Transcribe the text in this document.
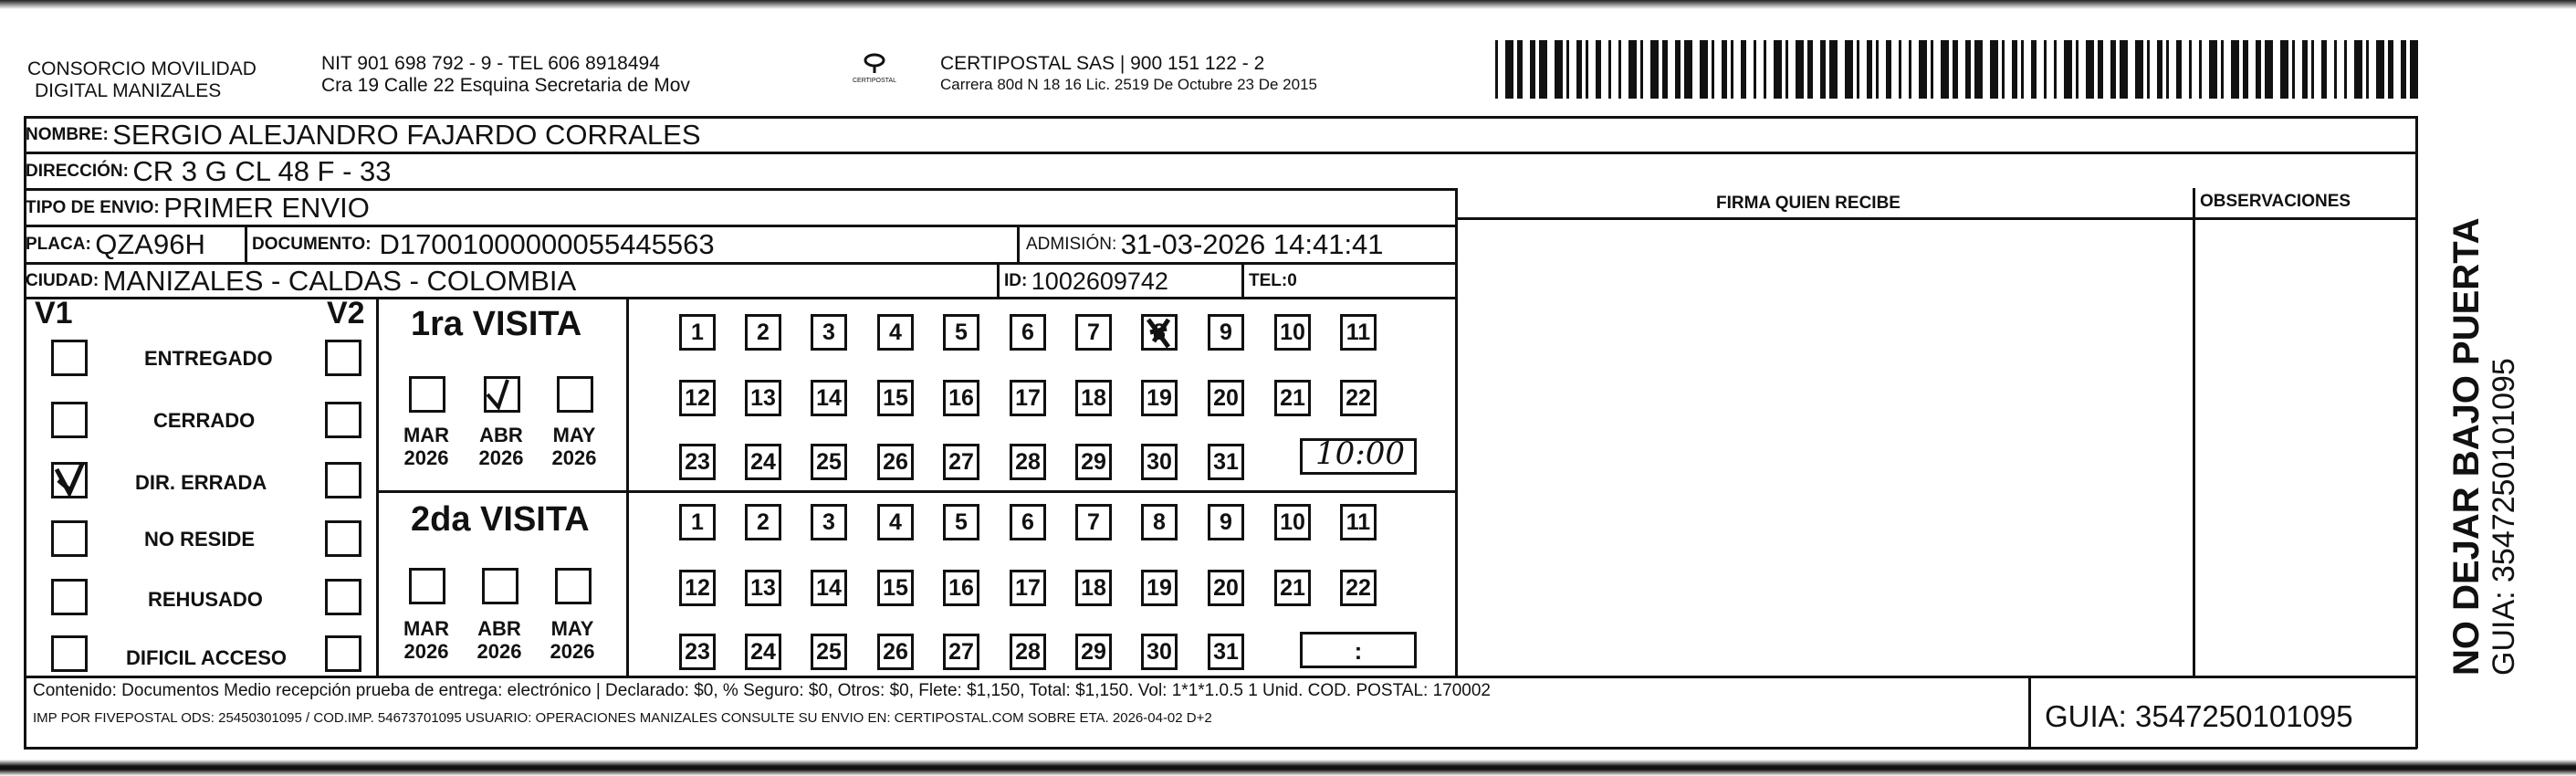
CONSORCIO MOVILIDAD
DIGITAL MANIZALES
NIT 901 698 792 - 9 - TEL 606 8918494
Cra 19 Calle 22 Esquina Secretaria de Mov	CERTIPOSTAL
CERTIPOSTAL SAS | 900 151 122 - 2
Carrera 80d N 18 16 Lic. 2519 De Octubre 23 De 2015
NOMBRE:
SERGIO ALEJANDRO FAJARDO CORRALES
DIRECCIÓN:
CR 3 G CL 48 F - 33
TIPO DE ENVIO:
PRIMER ENVIO
PLACA:
QZA96H	DOCUMENTO:
D17001000000055445563	ADMISIÓN:
31-03-2026 14:41:41
CIUDAD:
MANIZALES - CALDAS - COLOMBIA	ID:
1002609742	TEL: 0
FIRMA QUIEN RECIBE	OBSERVACIONES
V1	V2
ENTREGADO
CERRADO
DIR. ERRADA
NO RESIDE
REHUSADO
DIFICIL ACCESO
1ra VISITA
MAR
2026
ABR
2026
MAY
2026
2da VISITA
MAR
2026
ABR
2026
MAY
2026
1	2	3	4	5	6	7	8	9	10 11
12 13 14 15 16 17 18 19 20 21 22
23 24 25 26 27 28 29 30 31
1	2	3	4	5	6	7	8	9	10 11
12 13 14 15 16 17 18 19 20 21 22
23 24 25 26 27 28 29 30 31
10:00
:
Contenido: Documentos Medio recepción prueba de entrega: electrónico | Declarado: $0, % Seguro: $0, Otros: $0, Flete: $1,150, Total: $1,150. Vol: 1*1*1.0.5 1 Unid. COD. POSTAL: 170002
IMP POR FIVEPOSTAL ODS: 25450301095 / COD.IMP. 54673701095 USUARIO: OPERACIONES MANIZALES CONSULTE SU ENVIO EN: CERTIPOSTAL.COM SOBRE ETA. 2026-04-02 D+2	GUIA: 3547250101095
NO DEJAR BAJO PUERTA GUIA: 3547250101095
